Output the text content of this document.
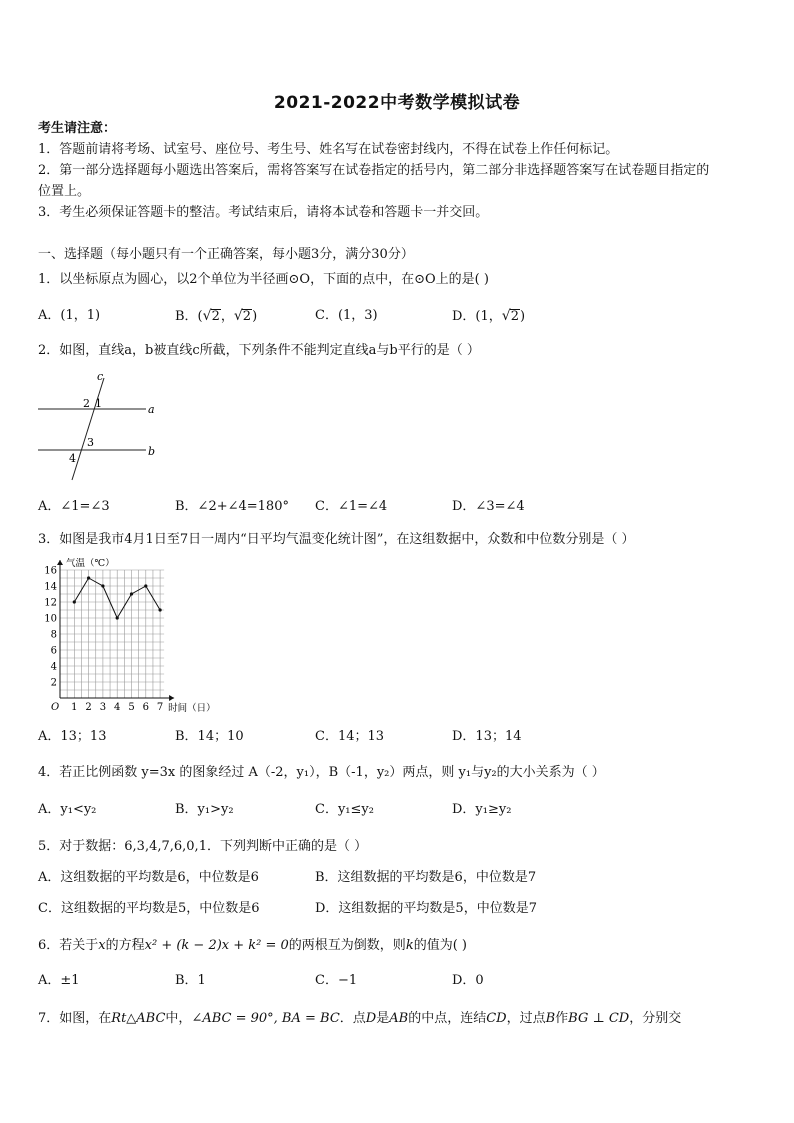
2021-2022中考数学模拟试卷
考生请注意：
1．答题前请将考场、试室号、座位号、考生号、姓名写在试卷密封线内，不得在试卷上作任何标记。
2．第一部分选择题每小题选出答案后，需将答案写在试卷指定的括号内，第二部分非选择题答案写在试卷题目指定的
位置上。
3．考生必须保证答题卡的整洁。考试结束后，请将本试卷和答题卡一并交回。
一、选择题（每小题只有一个正确答案，每小题3分，满分30分）
1．以坐标原点为圆心，以2个单位为半径画⊙O，下面的点中，在⊙O上的是( )
A．(1，1)	B．(√2，√2)	C．(1，3)	D．(1，√2)
2．如图，直线a，b被直线c所截，下列条件不能判定直线a与b平行的是（ ）
c
a
b
2 1
3
4
A．∠1=∠3	B．∠2+∠4=180° C．∠1=∠4	D．∠3=∠4
3．如图是我市4月1日至7日一周内“日平均气温变化统计图”，在这组数据中，众数和中位数分别是（ ）
2
4
6
8
10
12
14
16
1 2 3 4 5 6 7
O
气温（℃）
时间（日）
A．13；13	B．14；10	C．14；13	D．13；14
4．若正比例函数 y=3x 的图象经过 A（-2，y₁），B（-1，y₂）两点，则 y₁与y₂的大小关系为（ ）
A．y₁<y₂	B．y₁>y₂	C．y₁≤y₂	D．y₁≥y₂
5．对于数据：6,3,4,7,6,0,1．下列判断中正确的是（ ）
A．这组数据的平均数是6，中位数是6	B．这组数据的平均数是6，中位数是7
C．这组数据的平均数是5，中位数是6	D．这组数据的平均数是5，中位数是7
6．若关于x的方程x² + (k − 2)x + k² = 0的两根互为倒数，则k的值为( )
A．±1	B．1	C．−1	D．0
7．如图，在Rt△ABC中，∠ABC = 90°, BA = BC．点D是AB的中点，连结CD，过点B作BG ⊥ CD，分别交
